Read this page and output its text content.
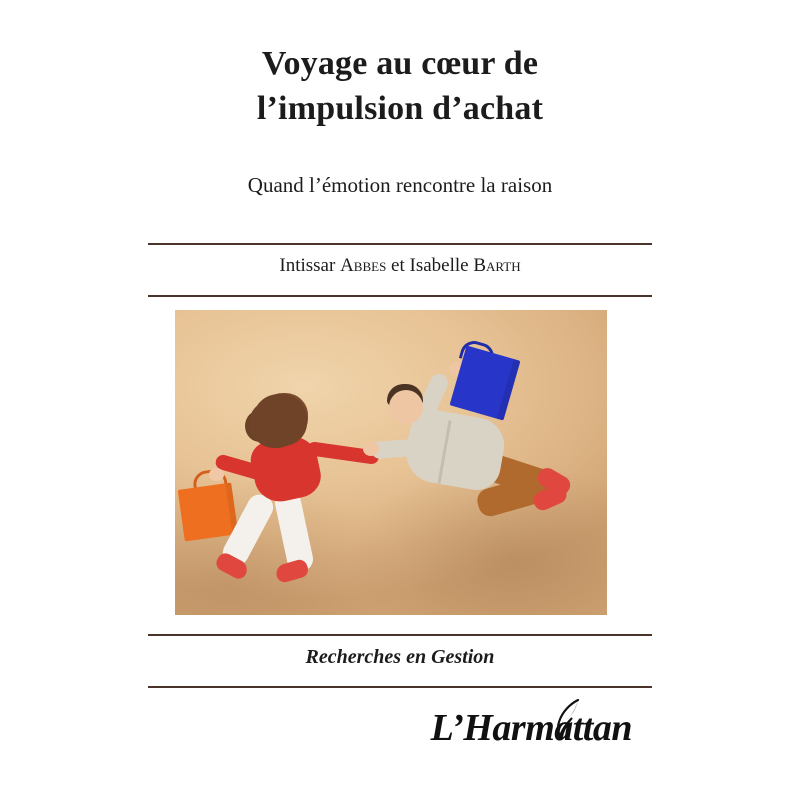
Voyage au cœur de
l’impulsion d’achat
Quand l’émotion rencontre la raison
Intissar Abbes et Isabelle Barth
Recherches en Gestion
L’Harmattan
